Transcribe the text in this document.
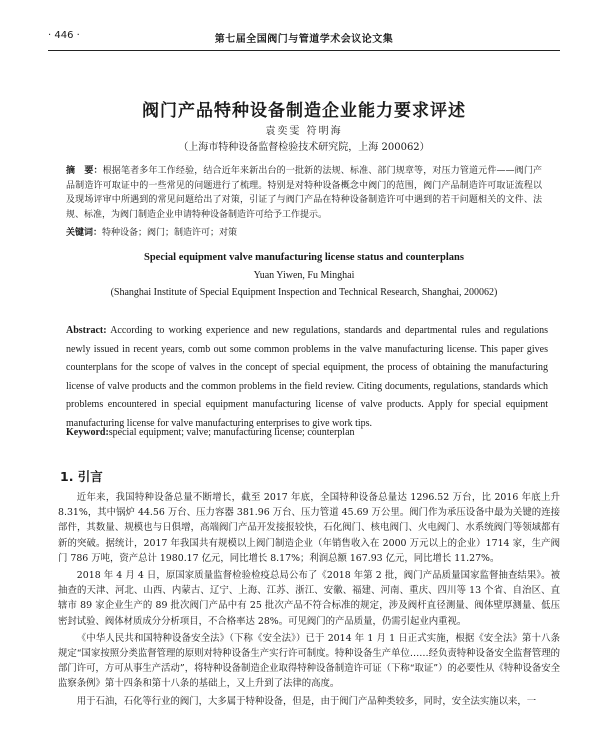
· 446 ·	第七届全国阀门与管道学术会议论文集
阀门产品特种设备制造企业能力要求评述
袁奕雯 符明海
（上海市特种设备监督检验技术研究院，上海 200062）
摘　要：根据笔者多年工作经验，结合近年来新出台的一批新的法规、标准、部门规章等，对压力管道元件——阀门产品制造许可取证中的一些常见的问题进行了梳理。特别是对特种设备概念中阀门的范围，阀门产品制造许可取证流程以及现场评审中所遇到的常见问题给出了对策，引证了与阀门产品在特种设备制造许可中遇到的若干问题相关的文件、法规、标准，为阀门制造企业申请特种设备制造许可给予工作提示。
关键词：特种设备；阀门；制造许可；对策
Special equipment valve manufacturing license status and counterplans
Yuan Yiwen, Fu Minghai
(Shanghai Institute of Special Equipment Inspection and Technical Research, Shanghai, 200062)
Abstract: According to working experience and new regulations, standards and departmental rules and regulations newly issued in recent years, comb out some common problems in the valve manufacturing license. This paper gives counterplans for the scope of valves in the concept of special equipment, the process of obtaining the manufacturing license of valve products and the common problems in the field review. Citing documents, regulations, standards which problems encountered in special equipment manufacturing license of valve products. Apply for special equipment manufacturing license for valve manufacturing enterprises to give work tips.
Keyword:special equipment; valve; manufacturing license; counterplan
1. 引言

近年来，我国特种设备总量不断增长，截至 2017 年底，全国特种设备总量达 1296.52 万台，比 2016 年底上升 8.31%，其中锅炉 44.56 万台、压力容器 381.96 万台、压力管道 45.69 万公里。阀门作为承压设备中最为关键的连接部件，其数量、规模也与日俱增，高端阀门产品开发接报较快，石化阀门、核电阀门、火电阀门、水系统阀门等领域都有新的突破。据统计，2017 年我国共有规模以上阀门制造企业（年销售收入在 2000 万元以上的企业）1714 家，生产阀门 786 万吨，资产总计 1980.17 亿元，同比增长 8.17%；利润总额 167.93 亿元，同比增长 11.27%。

2018 年 4 月 4 日，原国家质量监督检验检疫总局公布了《2018 年第 2 批，阀门产品质量国家监督抽查结果》。被抽查的天津、河北、山西、内蒙古、辽宁、上海、江苏、浙江、安徽、福建、河南、重庆、四川等 13 个省、自治区、直辖市 89 家企业生产的 89 批次阀门产品中有 25 批次产品不符合标准的规定，涉及阀杆直径测量、阀体壁厚测量、低压密封试验、阀体材质成分分析项目，不合格率达 28%。可见阀门的产品质量，仍需引起业内重视。

《中华人民共和国特种设备安全法》（下称《安全法》）已于 2014 年 1 月 1 日正式实施，根据《安全法》第十八条规定“国家按照分类监督管理的原则对特种设备生产实行许可制度。特种设备生产单位……经负责特种设备安全监督管理的部门许可，方可从事生产活动”，将特种设备制造企业取得特种设备制造许可证（下称“取证”）的必要性从《特种设备安全监察条例》第十四条和第十八条的基础上，又上升到了法律的高度。

用于石油，石化等行业的阀门，大多属于特种设备，但是，由于阀门产品种类较多，同时，安全法实施以来，一
